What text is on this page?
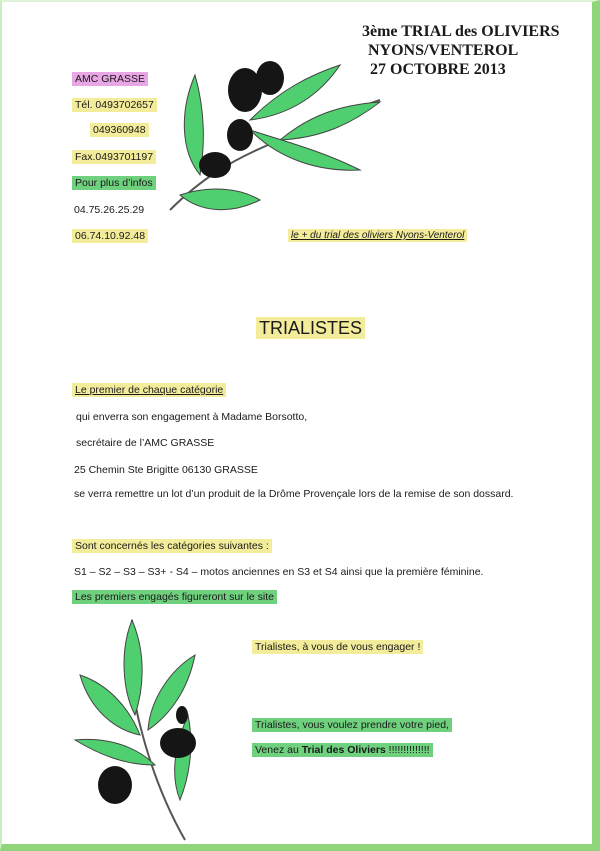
3ème TRIAL des OLIVIERS
NYONS/VENTEROL
27 OCTOBRE 2013
AMC GRASSE
Tél. 0493702657
049360948
Fax.0493701197
Pour plus d’infos
04.75.26.25.29
06.74.10.92.48	le + du trial des oliviers Nyons-Venterol
TRIALISTES
Le premier de chaque catégorie
qui enverra son engagement à Madame Borsotto,
secrétaire de l’AMC GRASSE
25 Chemin Ste Brigitte 06130 GRASSE
se verra remettre un lot d’un produit de la Drôme Provençale lors de la remise de son dossard.
Sont concernés les catégories suivantes :
S1 – S2 – S3 – S3+ - S4 – motos anciennes en S3 et S4 ainsi que la première féminine.
Les premiers engagés figureront sur le site
Trialistes, à vous de vous engager !
Trialistes, vous voulez prendre votre pied,
Venez au Trial des Oliviers !!!!!!!!!!!!!!
